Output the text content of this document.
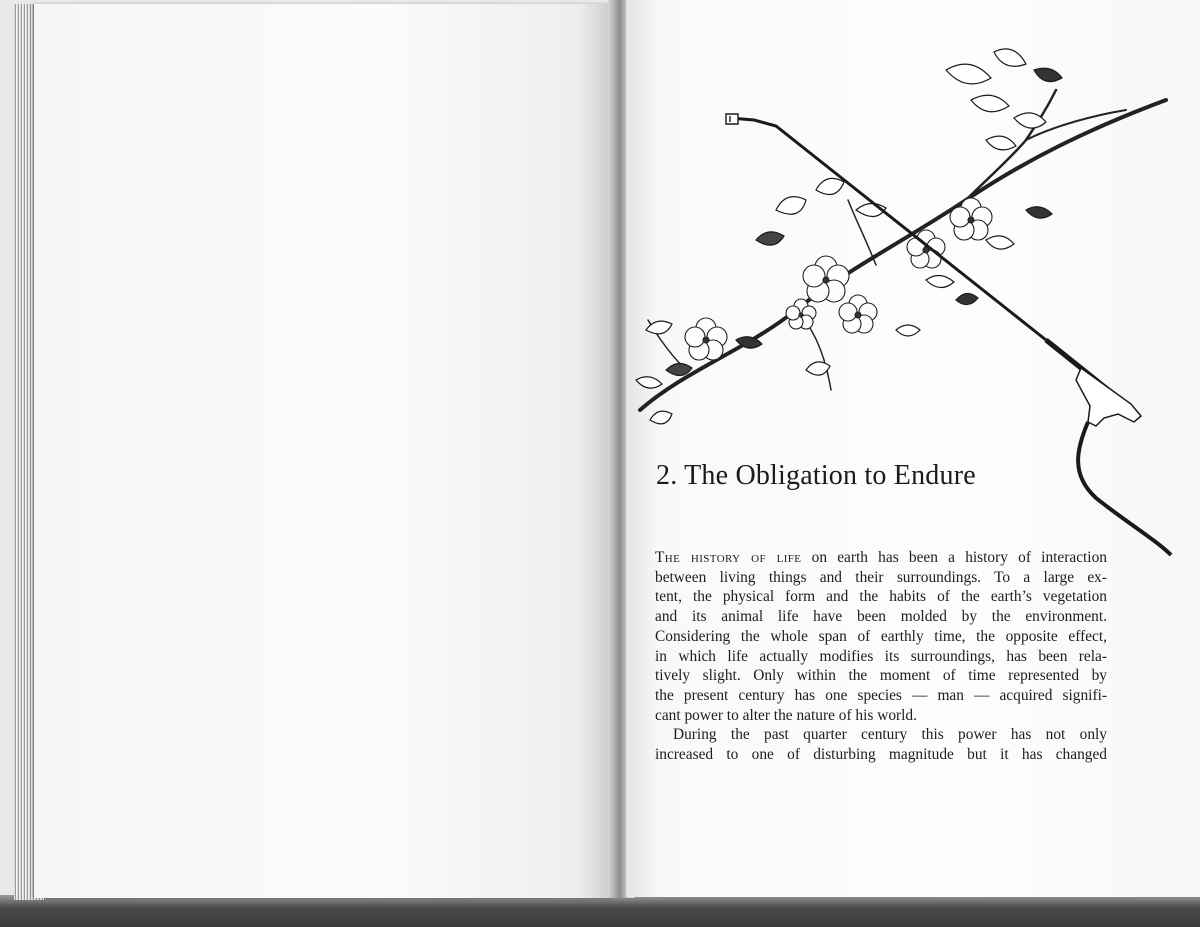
2. The Obligation to Endure
The history of life on earth has been a history of interaction
between living things and their surroundings. To a large ex-
tent, the physical form and the habits of the earth’s vegetation
and its animal life have been molded by the environment.
Considering the whole span of earthly time, the opposite effect,
in which life actually modifies its surroundings, has been rela-
tively slight. Only within the moment of time represented by
the present century has one species — man — acquired signifi-
cant power to alter the nature of his world.
During the past quarter century this power has not only
increased to one of disturbing magnitude but it has changed
